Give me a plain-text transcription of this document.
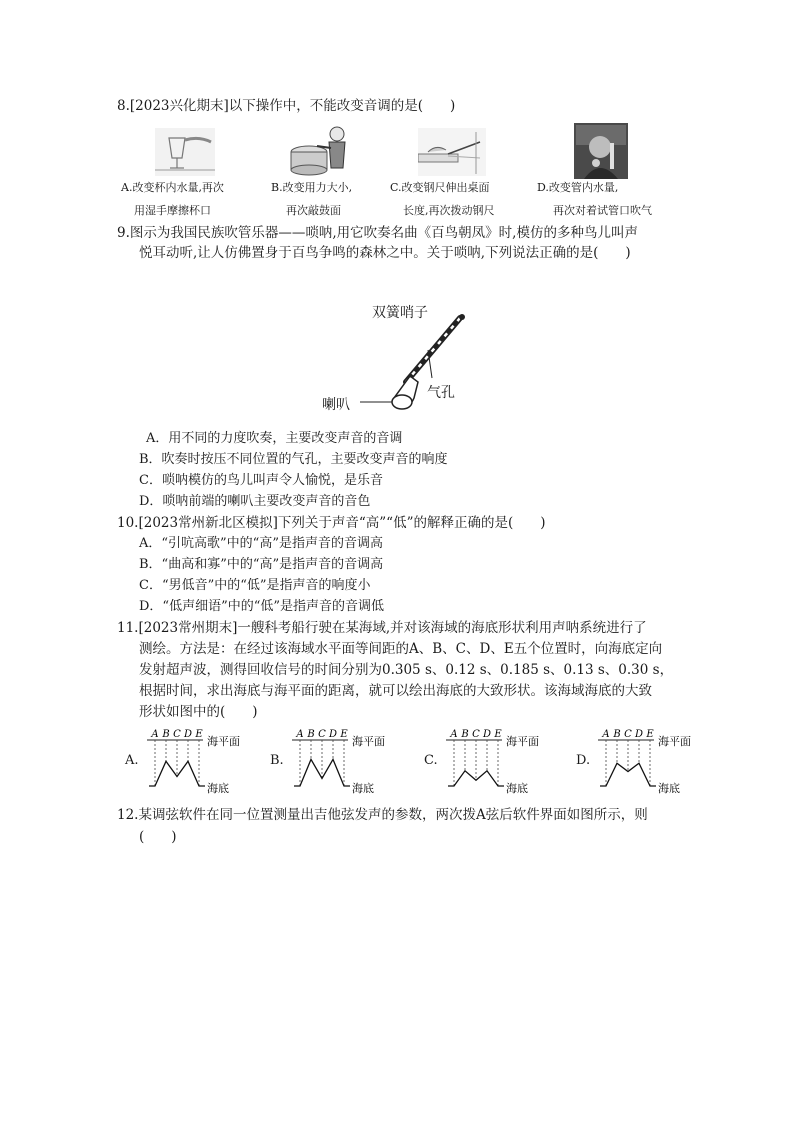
8.[2023兴化期末]以下操作中，不能改变音调的是(　　)
A.改变杯内水量,再次
用湿手摩擦杯口
B.改变用力大小,
再次敲鼓面
C.改变钢尺伸出桌面
长度,再次拨动钢尺
D.改变管内水量,
再次对着试管口吹气
9.图示为我国民族吹管乐器——唢呐,用它吹奏名曲《百鸟朝凤》时,模仿的多种鸟儿叫声
悦耳动听,让人仿佛置身于百鸟争鸣的森林之中。关于唢呐,下列说法正确的是(　　)
双簧哨子
气孔
喇叭
A．用不同的力度吹奏，主要改变声音的音调
B．吹奏时按压不同位置的气孔，主要改变声音的响度
C．唢呐模仿的鸟儿叫声令人愉悦，是乐音
D．唢呐前端的喇叭主要改变声音的音色
10.[2023常州新北区模拟]下列关于声音“高”“低”的解释正确的是(　　)
A．“引吭高歌”中的“高”是指声音的音调高
B．“曲高和寡”中的“高”是指声音的音调高
C．“男低音”中的“低”是指声音的响度小
D．“低声细语”中的“低”是指声音的音调低
11.[2023常州期末]一艘科考船行驶在某海域,并对该海域的海底形状利用声呐系统进行了
测绘。方法是：在经过该海域水平面等间距的A、B、C、D、E五个位置时，向海底定向
发射超声波，测得回收信号的时间分别为0.305 s、0.12 s、0.185 s、0.13 s、0.30 s，
根据时间，求出海底与海平面的距离，就可以绘出海底的大致形状。该海域海底的大致
形状如图中的(　　)
A.
A B C D E
海平面
海底
B.
A B C D E
海平面
海底
C.
A B C D E
海平面
海底
D.
A B C D E
海平面
海底
12.某调弦软件在同一位置测量出吉他弦发声的参数，两次拨A弦后软件界面如图所示，则
(　　)
